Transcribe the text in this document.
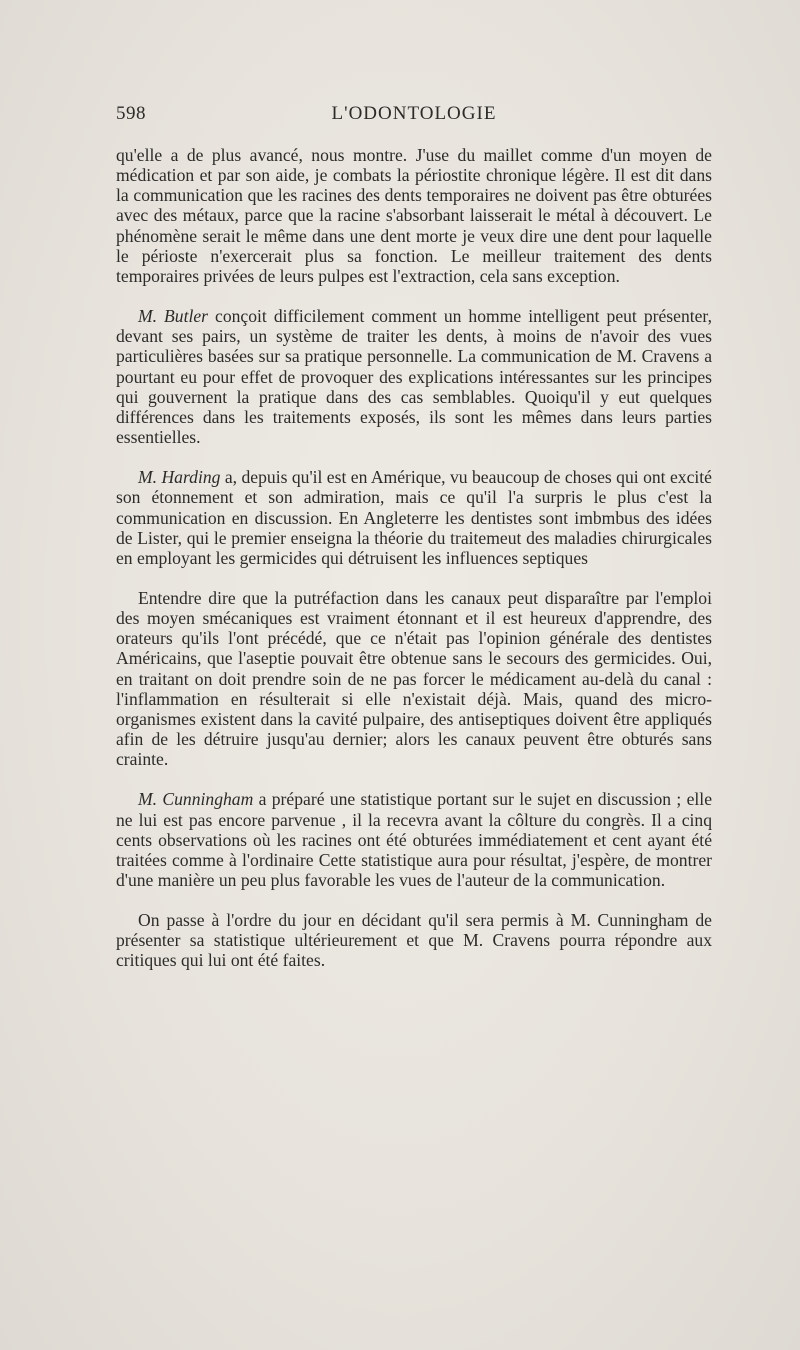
598	L'ODONTOLOGIE

qu'elle a de plus avancé, nous montre. J'use du maillet comme d'un moyen de médication et par son aide, je combats la périostite chronique légère. Il est dit dans la communication que les racines des dents temporaires ne doivent pas être obturées avec des métaux, parce que la racine s'absorbant laisserait le métal à découvert. Le phénomène serait le même dans une dent morte je veux dire une dent pour laquelle le périoste n'exercerait plus sa fonction. Le meilleur traitement des dents temporaires privées de leurs pulpes est l'extraction, cela sans exception.

M. Butler conçoit difficilement comment un homme intelligent peut présenter, devant ses pairs, un système de traiter les dents, à moins de n'avoir des vues particulières basées sur sa pratique personnelle. La communication de M. Cravens a pourtant eu pour effet de provoquer des explications intéressantes sur les principes qui gouvernent la pratique dans des cas semblables. Quoiqu'il y eut quelques différences dans les traitements exposés, ils sont les mêmes dans leurs parties essentielles.

M. Harding a, depuis qu'il est en Amérique, vu beaucoup de choses qui ont excité son étonnement et son admiration, mais ce qu'il l'a surpris le plus c'est la communication en discussion. En Angleterre les dentistes sont imbmbus des idées de Lister, qui le premier enseigna la théorie du traitemeut des maladies chirurgicales en employant les germicides qui détruisent les influences septiques

Entendre dire que la putréfaction dans les canaux peut disparaître par l'emploi des moyen smécaniques est vraiment étonnant et il est heureux d'apprendre, des orateurs qu'ils l'ont précédé, que ce n'était pas l'opinion générale des dentistes Américains, que l'aseptie pouvait être obtenue sans le secours des germicides. Oui, en traitant on doit prendre soin de ne pas forcer le médicament au-delà du canal : l'inflammation en résulterait si elle n'existait déjà. Mais, quand des micro-organismes existent dans la cavité pulpaire, des antiseptiques doivent être appliqués afin de les détruire jusqu'au dernier; alors les canaux peuvent être obturés sans crainte.

M. Cunningham a préparé une statistique portant sur le sujet en discussion ; elle ne lui est pas encore parvenue , il la recevra avant la côlture du congrès. Il a cinq cents observations où les racines ont été obturées immédiatement et cent ayant été traitées comme à l'ordinaire Cette statistique aura pour résultat, j'espère, de montrer d'une manière un peu plus favorable les vues de l'auteur de la communication.

On passe à l'ordre du jour en décidant qu'il sera permis à M. Cunningham de présenter sa statistique ultérieurement et que M. Cravens pourra répondre aux critiques qui lui ont été faites.
